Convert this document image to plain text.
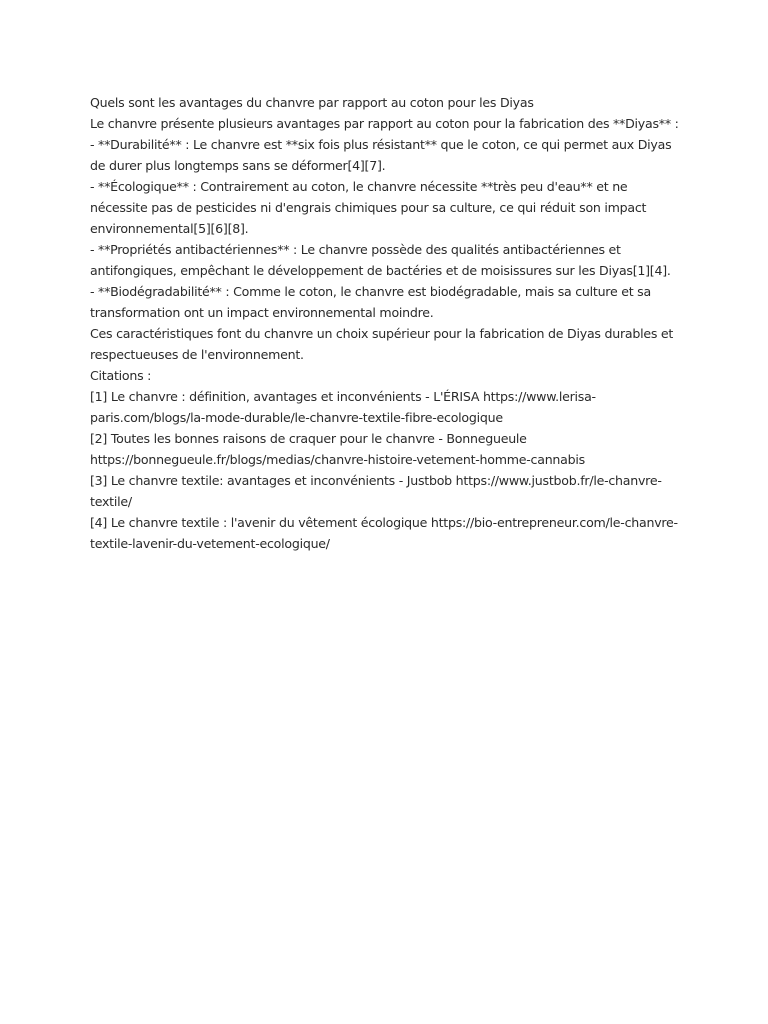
Quels sont les avantages du chanvre par rapport au coton pour les Diyas

Le chanvre présente plusieurs avantages par rapport au coton pour la fabrication des **Diyas** :

- **Durabilité** : Le chanvre est **six fois plus résistant** que le coton, ce qui permet aux Diyas de durer plus longtemps sans se déformer[4][7].

- **Écologique** : Contrairement au coton, le chanvre nécessite **très peu d'eau** et ne nécessite pas de pesticides ni d'engrais chimiques pour sa culture, ce qui réduit son impact environnemental[5][6][8].

- **Propriétés antibactériennes** : Le chanvre possède des qualités antibactériennes et antifongiques, empêchant le développement de bactéries et de moisissures sur les Diyas[1][4].

- **Biodégradabilité** : Comme le coton, le chanvre est biodégradable, mais sa culture et sa transformation ont un impact environnemental moindre.

Ces caractéristiques font du chanvre un choix supérieur pour la fabrication de Diyas durables et respectueuses de l'environnement.

Citations :

[1] Le chanvre : définition, avantages et inconvénients - L'ÉRISA https://www.lerisa-paris.com/blogs/la-mode-durable/le-chanvre-textile-fibre-ecologique

[2] Toutes les bonnes raisons de craquer pour le chanvre - Bonnegueule https://bonnegueule.fr/blogs/medias/chanvre-histoire-vetement-homme-cannabis

[3] Le chanvre textile: avantages et inconvénients - Justbob https://www.justbob.fr/le-chanvre-textile/

[4] Le chanvre textile : l'avenir du vêtement écologique https://bio-entrepreneur.com/le-chanvre-textile-lavenir-du-vetement-ecologique/
